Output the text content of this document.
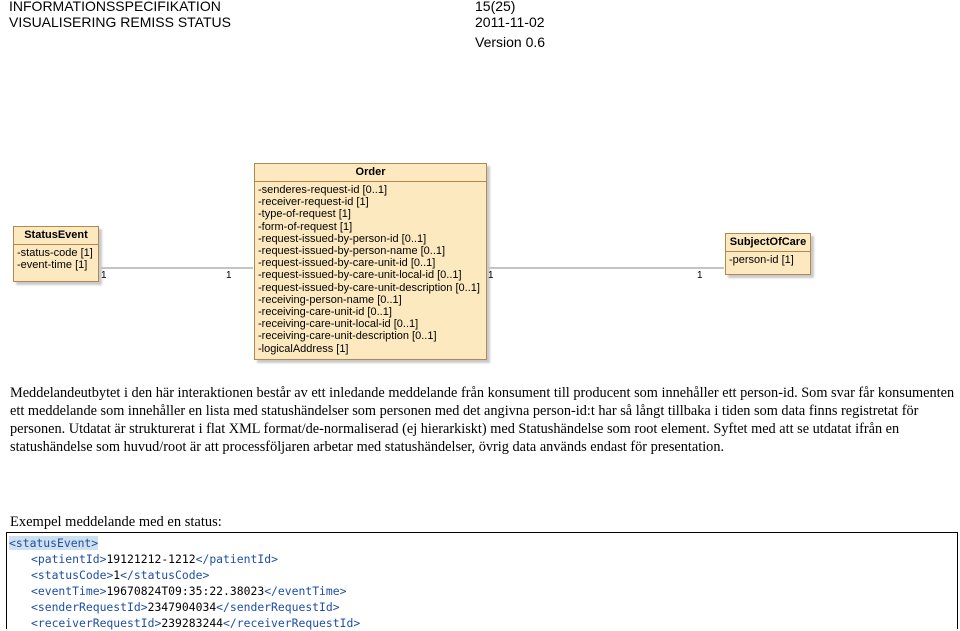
INFORMATIONSSPECIFIKATION
VISUALISERING REMISS STATUS
15(25)
2011-11-02
Version 0.6
StatusEvent
-status-code [1]
-event-time [1]
Order
-senderes-request-id [0..1]
-receiver-request-id [1]
-type-of-request [1]
-form-of-request [1]
-request-issued-by-person-id [0..1]
-request-issued-by-person-name [0..1]
-request-issued-by-care-unit-id [0..1]
-request-issued-by-care-unit-local-id [0..1]
-request-issued-by-care-unit-description [0..1]
-receiving-person-name [0..1]
-receiving-care-unit-id [0..1]
-receiving-care-unit-local-id [0..1]
-receiving-care-unit-description [0..1]
-logicalAddress [1]
SubjectOfCare
-person-id [1]
1	1	1	1

Meddelandeutbytet i den här interaktionen består av ett inledande meddelande från konsument till producent som innehåller ett person-id. Som svar får konsumenten ett meddelande som innehåller en lista med statushändelser som personen med det angivna person-id:t har så långt tillbaka i tiden som data finns registretat för personen. Utdatat är strukturerat i flat XML format/de-normaliserad (ej hierarkiskt) med Statushändelse som root element. Syftet med att se utdatat ifrån en statushändelse som huvud/root är att processföljaren arbetar med statushändelser, övrig data används endast för presentation.

Exempel meddelande med en status:
<statusEvent>
<patientId>19121212-1212</patientId>
<statusCode>1</statusCode>
<eventTime>19670824T09:35:22.38023</eventTime>
<senderRequestId>2347904034</senderRequestId>
<receiverRequestId>239283244</receiverRequestId>
